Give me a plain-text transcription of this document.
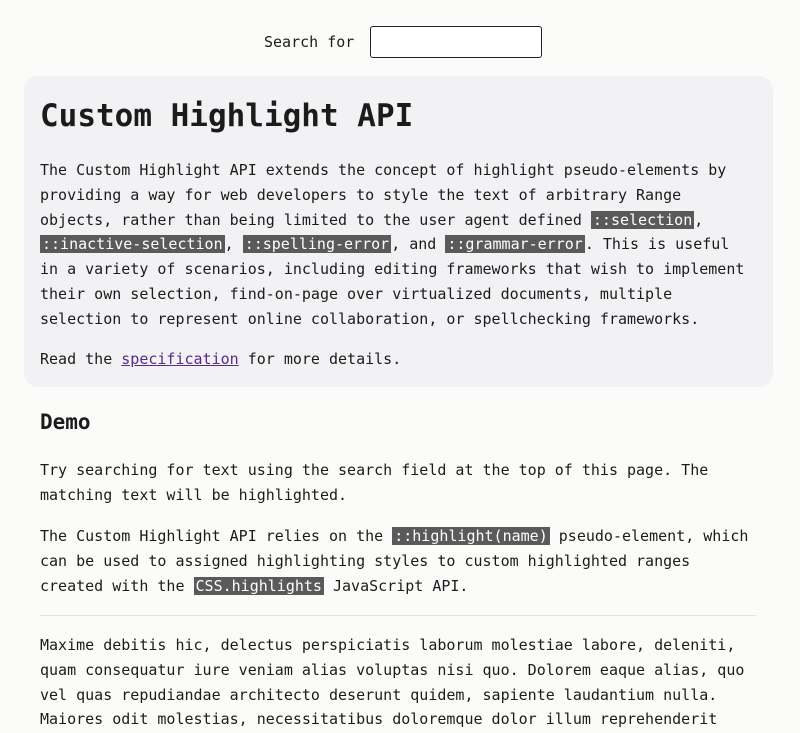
Search for
Custom Highlight API

The Custom Highlight API extends the concept of highlight pseudo-elements by providing a way for web developers to style the text of arbitrary Range objects, rather than being limited to the user agent defined ::selection , ::inactive-selection , ::spelling-error , and ::grammar-error . This is useful in a variety of scenarios, including editing frameworks that wish to implement their own selection, find-on-page over virtualized documents, multiple selection to represent online collaboration, or spellchecking frameworks.

Read the specification for more details.

Demo

Try searching for text using the search field at the top of this page. The matching text will be highlighted.

The Custom Highlight API relies on the ::highlight(name) pseudo-element, which can be used to assigned highlighting styles to custom highlighted ranges created with the CSS.highlights JavaScript API.

Maxime debitis hic, delectus perspiciatis laborum molestiae labore, deleniti, quam consequatur iure veniam alias voluptas nisi quo. Dolorem eaque alias, quo vel quas repudiandae architecto deserunt quidem, sapiente laudantium nulla. Maiores odit molestias, necessitatibus doloremque dolor illum reprehenderit
